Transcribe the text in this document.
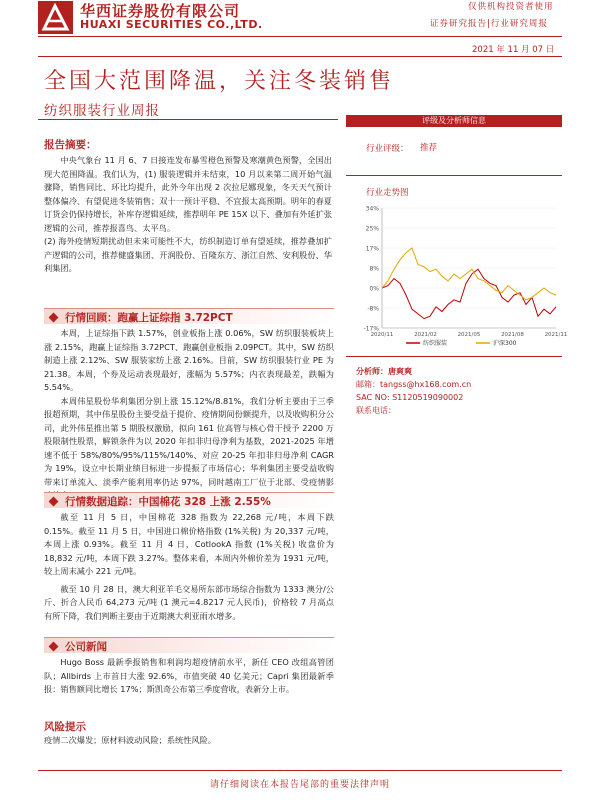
华西证券股份有限公司
HUAXI SECURITIES CO.,LTD.
仅供机构投资者使用
证券研究报告|行业研究周报
2021 年 11 月 07 日
全国大范围降温，关注冬装销售
纺织服装行业周报
报告摘要：
中央气象台 11 月 6、7 日接连发布暴雪橙色预警及寒潮黄色预警，全国出现大范围降温。我们认为，(1) 服装逻辑并未结束，10 月以来第二周开始气温骤降，销售同比、环比均提升，此外今年出现 2 次拉尼娜现象，冬天天气预计整体偏冷、有望促进冬装销售；双十一预计平稳、不宜报太高预期。明年的春夏订货会仍保持增长，补库存逻辑延续，推荐明年 PE 15X 以下、叠加有外延扩张逻辑的公司，推荐报喜鸟、太平鸟。
(2) 海外疫情短期扰动但未来可能性不大，纺织制造订单有望延续，推荐叠加扩产逻辑的公司，推荐健盛集团、开润股份、百隆东方、浙江自然、安利股份、华利集团。
行情回顾：跑赢上证综指 3.72PCT
本周，上证综指下跌 1.57%，创业板指上涨 0.06%，SW 纺织服装板块上涨 2.15%，跑赢上证综指 3.72PCT、跑赢创业板指 2.09PCT。其中，SW 纺织制造上涨 2.12%、SW 服装家纺上涨 2.16%。目前，SW 纺织服装行业 PE 为 21.38。本周，个券及运动表现最好，涨幅为 5.57%；内衣表现最差，跌幅为 5.54%。
本周伟星股份华利集团分别上涨 15.12%/8.81%，我们分析主要由于三季报超预期，其中伟星股份主要受益于提价、疫情期间份额提升，以及收购积分公司，此外伟星推出第 5 期股权激励，拟向 161 位高管与核心骨干授予 2200 万股限制性股票，解锁条件为以 2020 年扣非归母净利为基数，2021-2025 年增速不低于 58%/80%/95%/115%/140%、对应 20-25 年扣非归母净利 CAGR 为 19%，设立中长期业绩目标进一步提振了市场信心；华利集团主要受益收购带来订单流入、淡季产能利用率仍达 97%，同时越南工厂位于北部、受疫情影
行情数据追踪：中国棉花 328 上涨 2.55%
截至 11 月 5 日，中国棉花 328 指数为 22,268 元/吨，本周下跌 0.15%。截至 11 月 5 日，中国进口棉价格指数 (1%关税) 为 20,337 元/吨，本周上涨 0.93%。截至 11 月 4 日，CotlookA 指数 (1%关税) 收盘价为 18,832 元/吨，本周下跌 3.27%。整体来看，本周内外棉价差为 1931 元/吨，较上周末减小 221 元/吨。
截至 10 月 28 日，澳大利亚羊毛交易所东部市场综合指数为 1333 澳分/公斤、折合人民币 64,273 元/吨 (1 澳元=4.8217 元人民币)，价格较 7 月高点有所下降，我们判断主要由于近期澳大利亚雨水增多。
公司新闻
Hugo Boss 最新季报销售和利润均超疫情前水平，新任 CEO 改组高管团队；Allbirds 上市首日大涨 92.6%，市值突破 40 亿美元；Capri 集团最新季报：销售额同比增长 17%；斯凯奇公布第三季度营收，表新分上市。
风险提示
疫情二次爆发；原材料波动风险；系统性风险。
评级及分析师信息
行业评级：	推荐
行业走势图
34%
25%
17%
8%
0%
-8%
-17%
2020/11	2021/02	2021/05	2021/08	2021/11
纺织服装	沪深300
分析师：唐爽爽
邮箱：tangss@hx168.com.cn
SAC NO: S1120519090002
联系电话：
请仔细阅读在本报告尾部的重要法律声明
